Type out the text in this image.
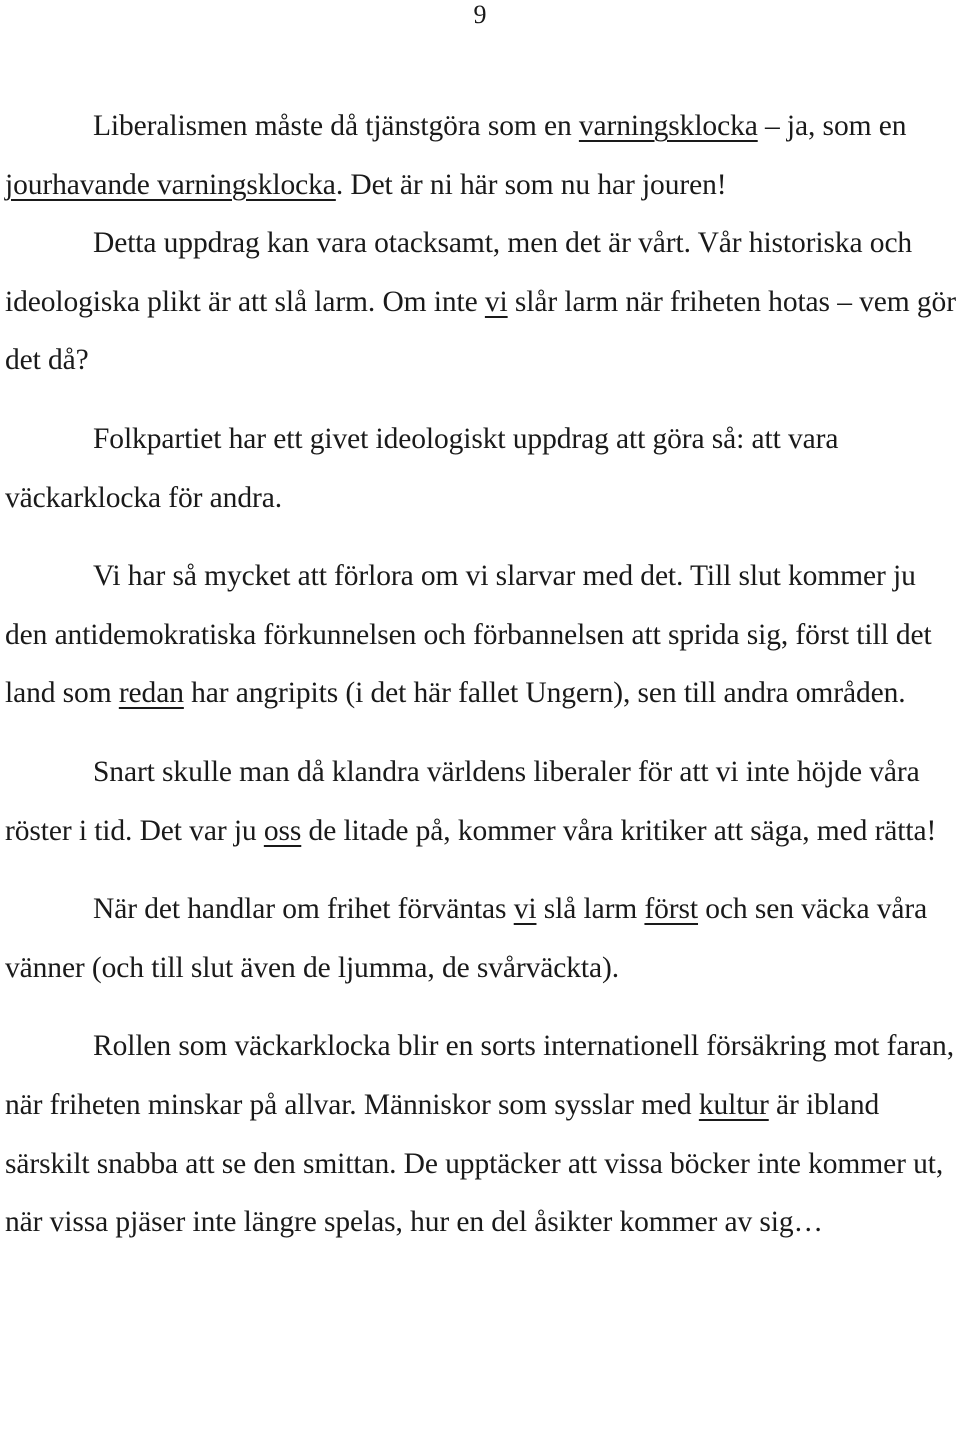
9

Liberalismen måste då tjänstgöra som en varningsklocka – ja, som en jourhavande varningsklocka. Det är ni här som nu har jouren!

Detta uppdrag kan vara otacksamt, men det är vårt. Vår historiska och ideologiska plikt är att slå larm. Om inte vi slår larm när friheten hotas – vem gör det då?

Folkpartiet har ett givet ideologiskt uppdrag att göra så: att vara väckarklocka för andra.

Vi har så mycket att förlora om vi slarvar med det. Till slut kommer ju den antidemokratiska förkunnelsen och förbannelsen att sprida sig, först till det land som redan har angripits (i det här fallet Ungern), sen till andra områden.

Snart skulle man då klandra världens liberaler för att vi inte höjde våra röster i tid. Det var ju oss de litade på, kommer våra kritiker att säga, med rätta!

När det handlar om frihet förväntas vi slå larm först och sen väcka våra vänner (och till slut även de ljumma, de svårväckta).

Rollen som väckarklocka blir en sorts internationell försäkring mot faran, när friheten minskar på allvar. Människor som sysslar med kultur är ibland särskilt snabba att se den smittan. De upptäcker att vissa böcker inte kommer ut, när vissa pjäser inte längre spelas, hur en del åsikter kommer av sig…
